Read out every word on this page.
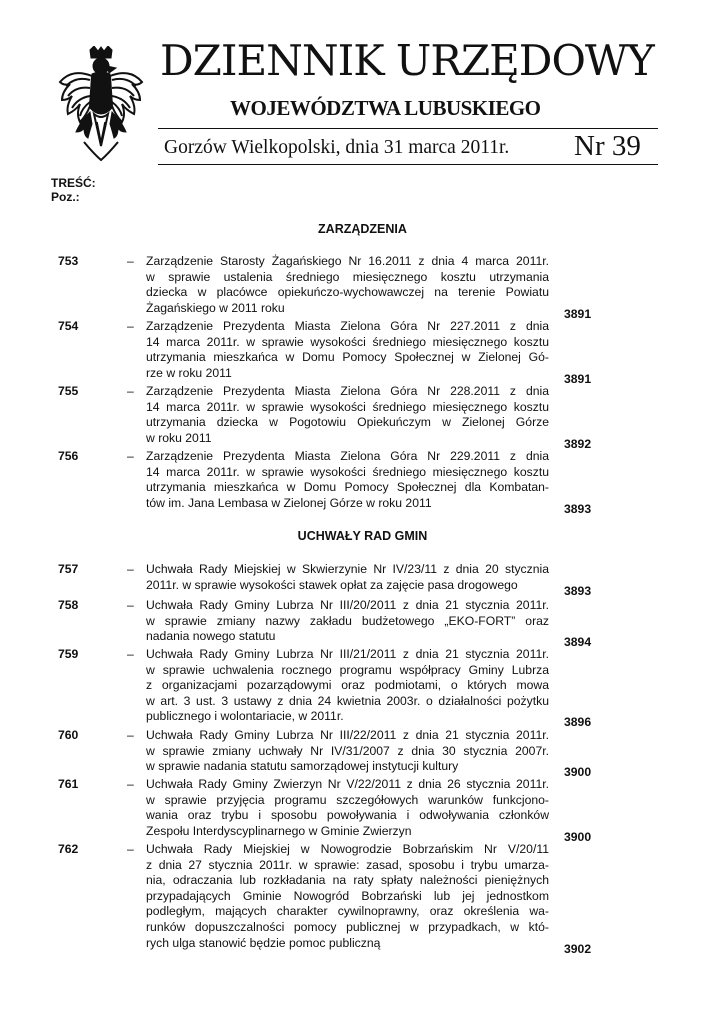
DZIENNIK URZĘDOWY
WOJEWÓDZTWA LUBUSKIEGO
Gorzów Wielkopolski, dnia 31 marca 2011r. Nr 39
TREŚĆ:
Poz.:
ZARZĄDZENIA
UCHWAŁY RAD GMIN
753	– Zarządzenie Starosty Żagańskiego Nr 16.2011 z dnia 4 marca 2011r.
w sprawie ustalenia średniego miesięcznego kosztu utrzymania
dziecka w placówce opiekuńczo-wychowawczej na terenie Powiatu
Żagańskiego w 2011 roku	3891
754	– Zarządzenie Prezydenta Miasta Zielona Góra Nr 227.2011 z dnia
14 marca 2011r. w sprawie wysokości średniego miesięcznego kosztu
utrzymania mieszkańca w Domu Pomocy Społecznej w Zielonej Gó-
rze w roku 2011	3891
755	– Zarządzenie Prezydenta Miasta Zielona Góra Nr 228.2011 z dnia
14 marca 2011r. w sprawie wysokości średniego miesięcznego kosztu
utrzymania dziecka w Pogotowiu Opiekuńczym w Zielonej Górze
w roku 2011	3892
756	– Zarządzenie Prezydenta Miasta Zielona Góra Nr 229.2011 z dnia
14 marca 2011r. w sprawie wysokości średniego miesięcznego kosztu
utrzymania mieszkańca w Domu Pomocy Społecznej dla Kombatan-
tów im. Jana Lembasa w Zielonej Górze w roku 2011	3893
757	– Uchwała Rady Miejskiej w Skwierzynie Nr IV/23/11 z dnia 20 stycznia
2011r. w sprawie wysokości stawek opłat za zajęcie pasa drogowego	3893
758	– Uchwała Rady Gminy Lubrza Nr III/20/2011 z dnia 21 stycznia 2011r.
w sprawie zmiany nazwy zakładu budżetowego „EKO-FORT” oraz
nadania nowego statutu	3894
759	– Uchwała Rady Gminy Lubrza Nr III/21/2011 z dnia 21 stycznia 2011r.
w sprawie uchwalenia rocznego programu współpracy Gminy Lubrza
z organizacjami pozarządowymi oraz podmiotami, o których mowa
w art. 3 ust. 3 ustawy z dnia 24 kwietnia 2003r. o działalności pożytku
publicznego i wolontariacie, w 2011r.	3896
760	– Uchwała Rady Gminy Lubrza Nr III/22/2011 z dnia 21 stycznia 2011r.
w sprawie zmiany uchwały Nr IV/31/2007 z dnia 30 stycznia 2007r.
w sprawie nadania statutu samorządowej instytucji kultury	3900
761	– Uchwała Rady Gminy Zwierzyn Nr V/22/2011 z dnia 26 stycznia 2011r.
w sprawie przyjęcia programu szczegółowych warunków funkcjono-
wania oraz trybu i sposobu powoływania i odwoływania członków
Zespołu Interdyscyplinarnego w Gminie Zwierzyn	3900
762	– Uchwała Rady Miejskiej w Nowogrodzie Bobrzańskim Nr V/20/11
z dnia 27 stycznia 2011r. w sprawie: zasad, sposobu i trybu umarza-
nia, odraczania lub rozkładania na raty spłaty należności pieniężnych
przypadających Gminie Nowogród Bobrzański lub jej jednostkom
podległym, mających charakter cywilnoprawny, oraz określenia wa-
runków dopuszczalności pomocy publicznej w przypadkach, w któ-
rych ulga stanowić będzie pomoc publiczną	3902
